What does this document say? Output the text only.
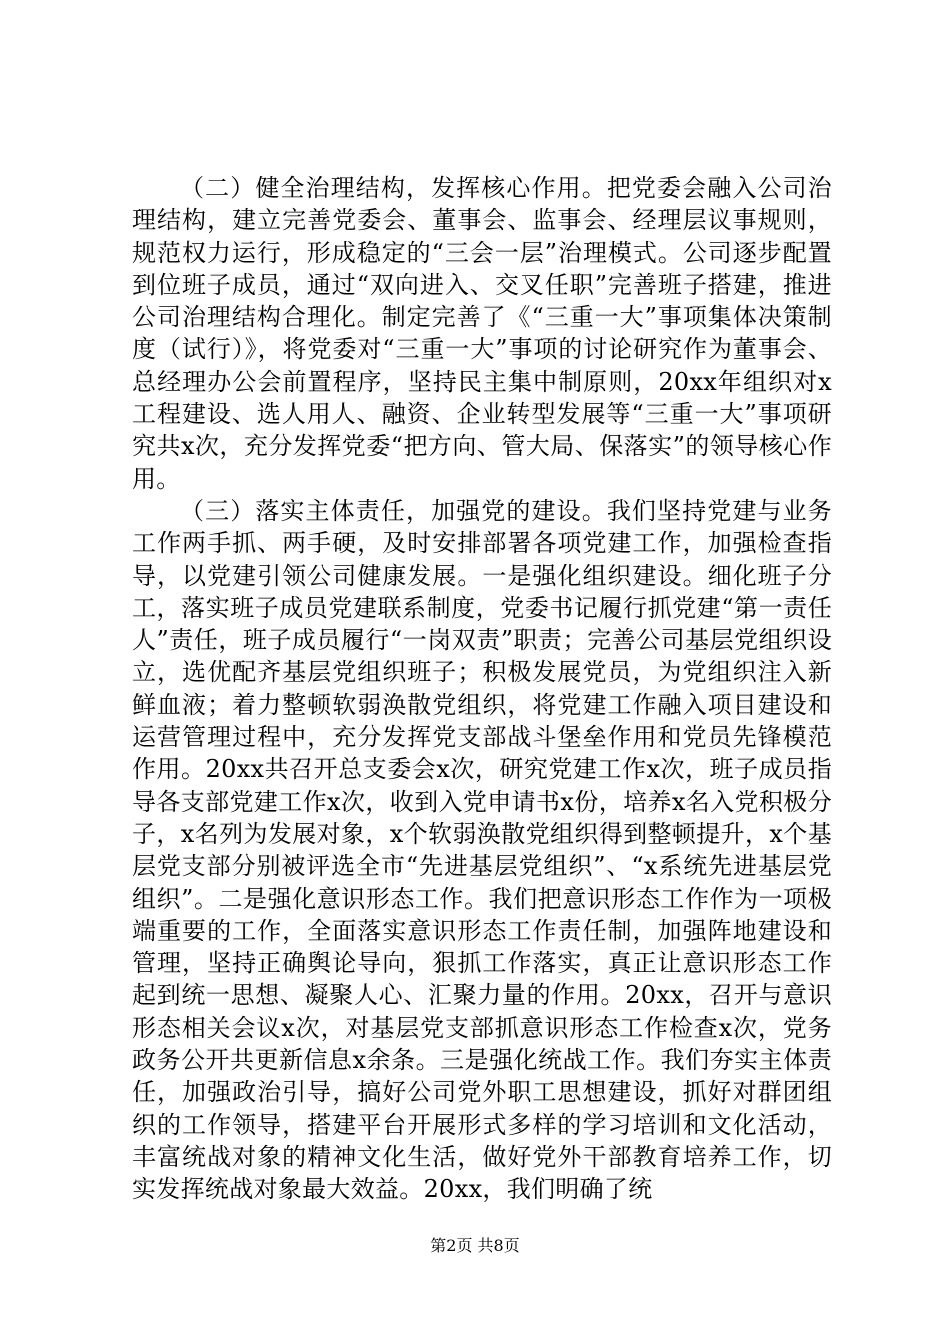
（二）健全治理结构，发挥核心作用。把党委会融入公司治理结构，建立完善党委会、董事会、监事会、经理层议事规则，规范权力运行，形成稳定的“三会一层”治理模式。公司逐步配置到位班子成员，通过“双向进入、交叉任职”完善班子搭建，推进公司治理结构合理化。制定完善了《“三重一大”事项集体决策制度（试行）》，将党委对“三重一大”事项的讨论研究作为董事会、总经理办公会前置程序，坚持民主集中制原则，20xx年组织对x工程建设、选人用人、融资、企业转型发展等“三重一大”事项研究共x次，充分发挥党委“把方向、管大局、保落实”的领导核心作用。

（三）落实主体责任，加强党的建设。我们坚持党建与业务工作两手抓、两手硬，及时安排部署各项党建工作，加强检查指导，以党建引领公司健康发展。一是强化组织建设。细化班子分工，落实班子成员党建联系制度，党委书记履行抓党建“第一责任人”责任，班子成员履行“一岗双责”职责；完善公司基层党组织设立，选优配齐基层党组织班子；积极发展党员，为党组织注入新鲜血液；着力整顿软弱涣散党组织，将党建工作融入项目建设和运营管理过程中，充分发挥党支部战斗堡垒作用和党员先锋模范作用。20xx共召开总支委会x次，研究党建工作x次，班子成员指导各支部党建工作x次，收到入党申请书x份，培养x名入党积极分子，x名列为发展对象，x个软弱涣散党组织得到整顿提升，x个基层党支部分别被评选全市“先进基层党组织”、“x系统先进基层党组织”。二是强化意识形态工作。我们把意识形态工作作为一项极端重要的工作，全面落实意识形态工作责任制，加强阵地建设和管理，坚持正确舆论导向，狠抓工作落实，真正让意识形态工作起到统一思想、凝聚人心、汇聚力量的作用。20xx，召开与意识形态相关会议x次，对基层党支部抓意识形态工作检查x次，党务政务公开共更新信息x余条。三是强化统战工作。我们夯实主体责任，加强政治引导，搞好公司党外职工思想建设，抓好对群团组织的工作领导，搭建平台开展形式多样的学习培训和文化活动，丰富统战对象的精神文化生活，做好党外干部教育培养工作，切实发挥统战对象最大效益。20xx，我们明确了统

第2页 共8页
